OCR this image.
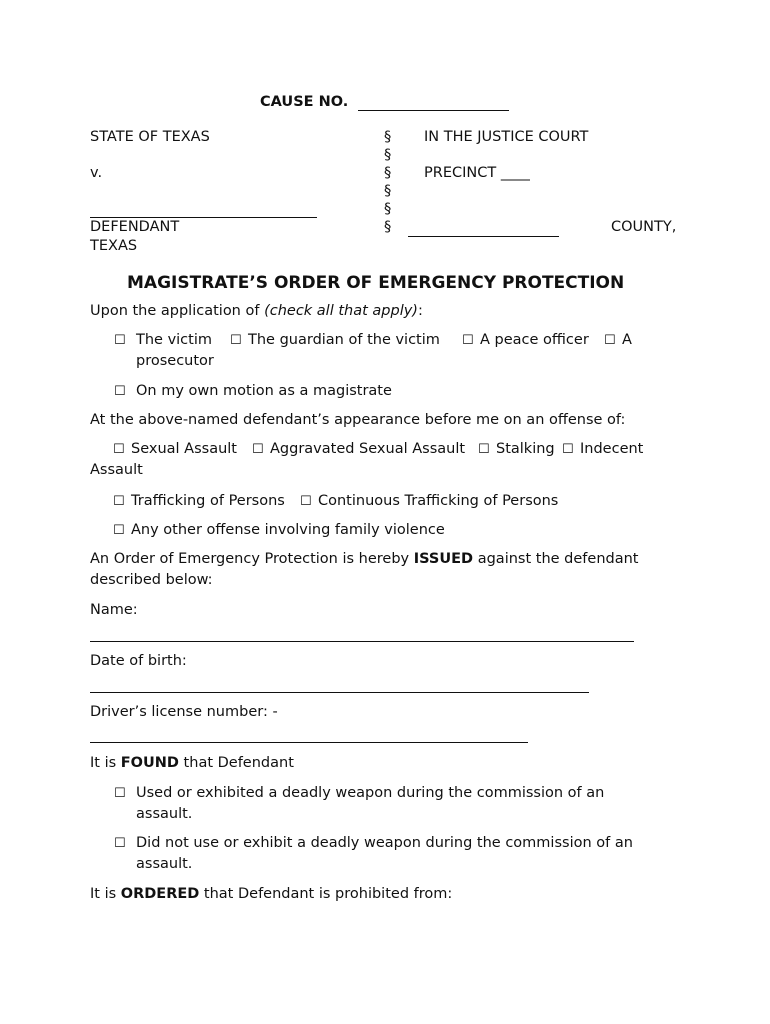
CAUSE NO.
STATE OF TEXAS
v.
DEFENDANT
TEXAS
§
§
§
§
§
§
IN THE JUSTICE COURT
PRECINCT ____
COUNTY,
MAGISTRATE’S ORDER OF EMERGENCY PROTECTION
Upon the application of (check all that apply):
☐ The victim ☐ The guardian of the victim ☐ A peace officer ☐ A
prosecutor
☐ On my own motion as a magistrate
At the above-named defendant’s appearance before me on an offense of:
☐ Sexual Assault ☐ Aggravated Sexual Assault ☐ Stalking ☐ Indecent
Assault
☐ Trafficking of Persons ☐ Continuous Trafficking of Persons
☐ Any other offense involving family violence
An Order of Emergency Protection is hereby ISSUED against the defendant
described below:
Name:
Date of birth:
Driver’s license number: -
It is FOUND that Defendant
☐ Used or exhibited a deadly weapon during the commission of an
assault.
☐ Did not use or exhibit a deadly weapon during the commission of an
assault.
It is ORDERED that Defendant is prohibited from:
